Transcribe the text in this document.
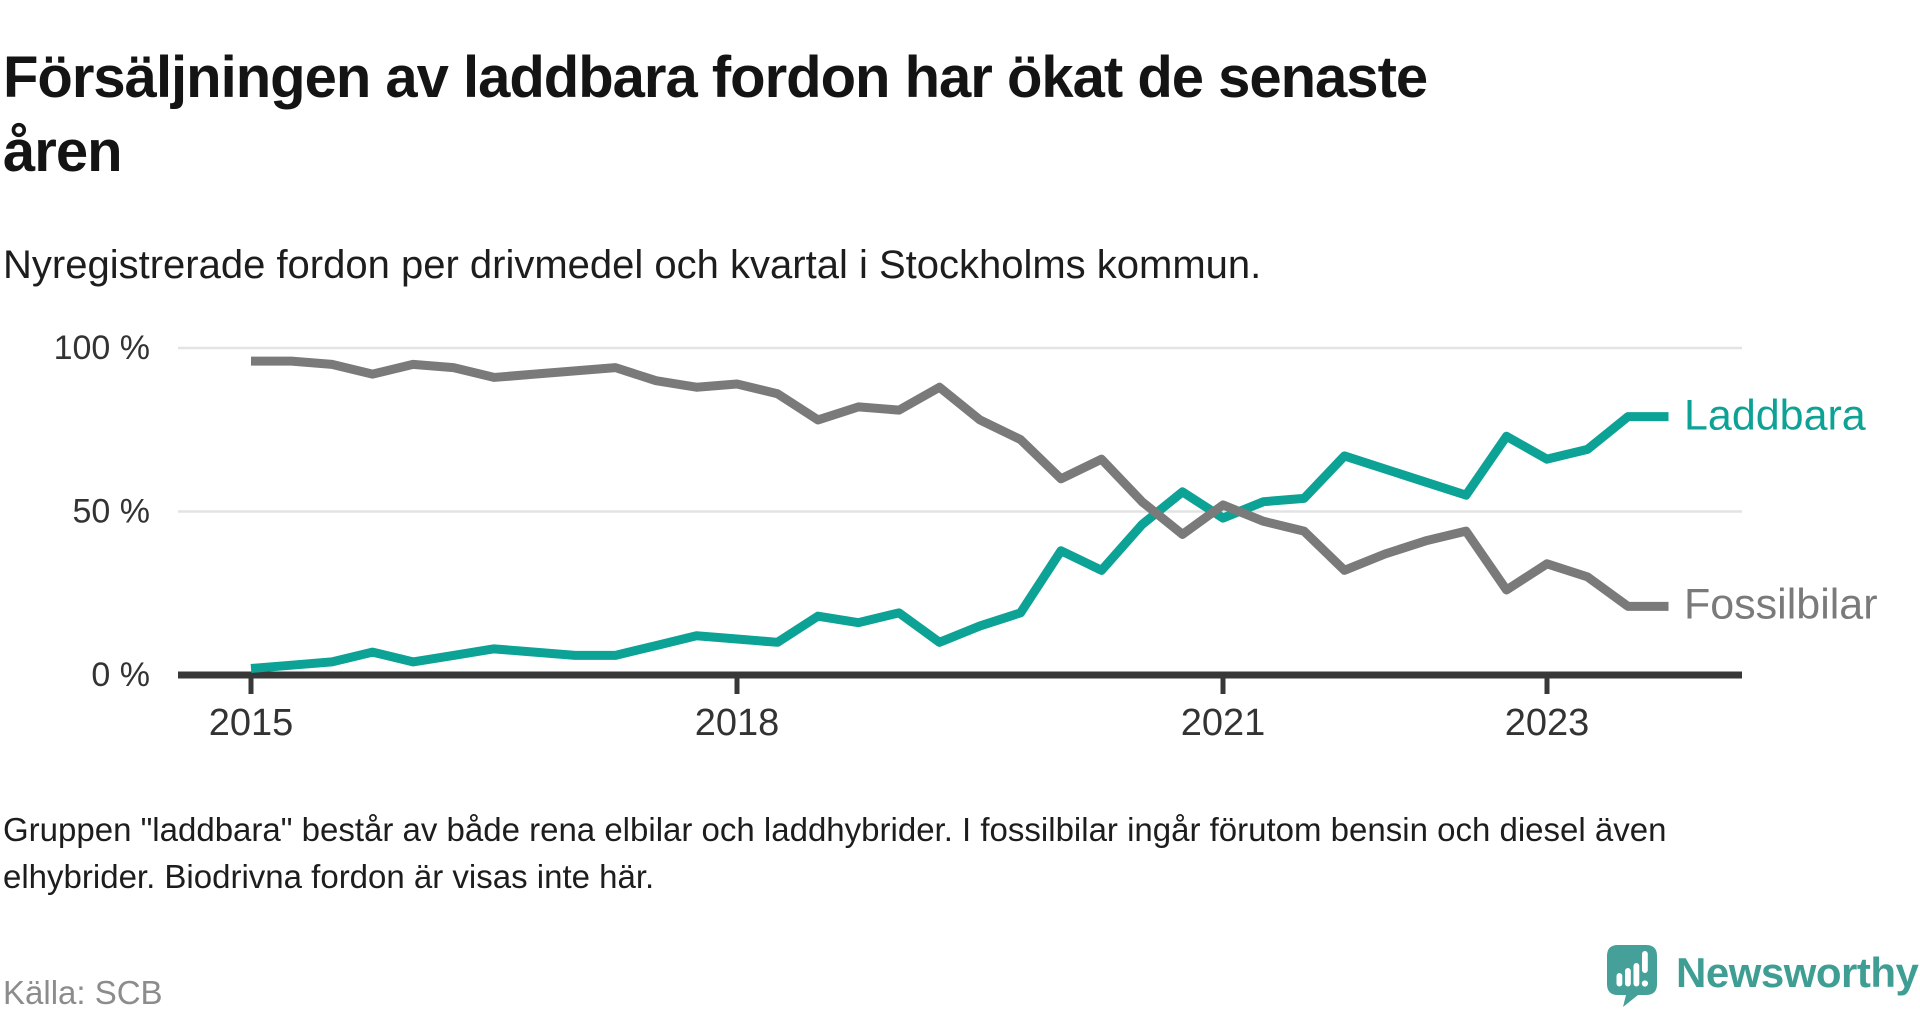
Försäljningen av laddbara fordon har ökat de senaste
åren

Nyregistrerade fordon per drivmedel och kvartal i Stockholms kommun.

0 %
50 %
100 %
2015	2018	2021	2023
Laddbara
Fossilbilar
Gruppen "laddbara" består av både rena elbilar och laddhybrider. I fossilbilar ingår förutom bensin och diesel även
elhybrider. Biodrivna fordon är visas inte här.
Källa: SCB	Newsworthy
